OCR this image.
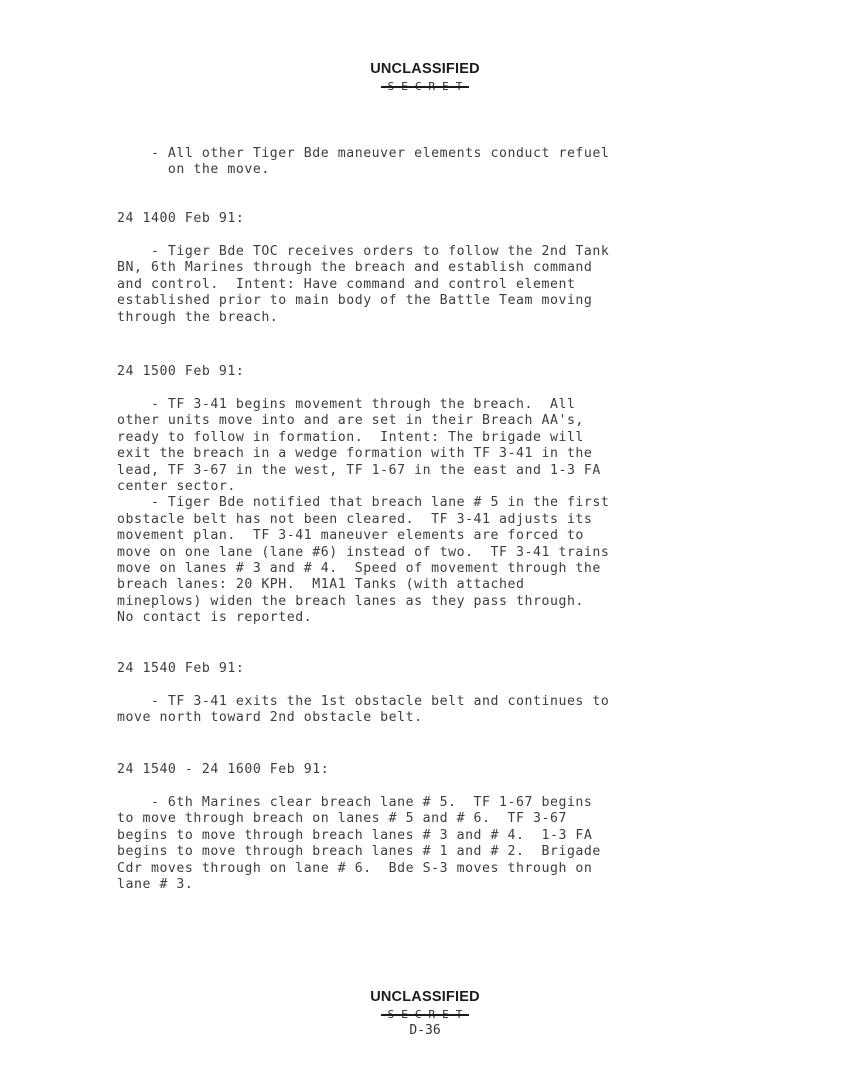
UNCLASSIFIED
SECRET

- All other Tiger Bde maneuver elements conduct refuel
on the move.

24 1400 Feb 91:

- Tiger Bde TOC receives orders to follow the 2nd Tank
BN, 6th Marines through the breach and establish command
and control.  Intent: Have command and control element
established prior to main body of the Battle Team moving
through the breach.

24 1500 Feb 91:

- TF 3-41 begins movement through the breach.  All
other units move into and are set in their Breach AA's,
ready to follow in formation.  Intent: The brigade will
exit the breach in a wedge formation with TF 3-41 in the
lead, TF 3-67 in the west, TF 1-67 in the east and 1-3 FA
center sector.
- Tiger Bde notified that breach lane # 5 in the first
obstacle belt has not been cleared.  TF 3-41 adjusts its
movement plan.  TF 3-41 maneuver elements are forced to
move on one lane (lane #6) instead of two.  TF 3-41 trains
move on lanes # 3 and # 4.  Speed of movement through the
breach lanes: 20 KPH.  M1A1 Tanks (with attached
mineplows) widen the breach lanes as they pass through.
No contact is reported.

24 1540 Feb 91:

- TF 3-41 exits the 1st obstacle belt and continues to
move north toward 2nd obstacle belt.

24 1540 - 24 1600 Feb 91:

- 6th Marines clear breach lane # 5.  TF 1-67 begins
to move through breach on lanes # 5 and # 6.  TF 3-67
begins to move through breach lanes # 3 and # 4.  1-3 FA
begins to move through breach lanes # 1 and # 2.  Brigade
Cdr moves through on lane # 6.  Bde S-3 moves through on
lane # 3.

UNCLASSIFIED
SECRET
D-36
